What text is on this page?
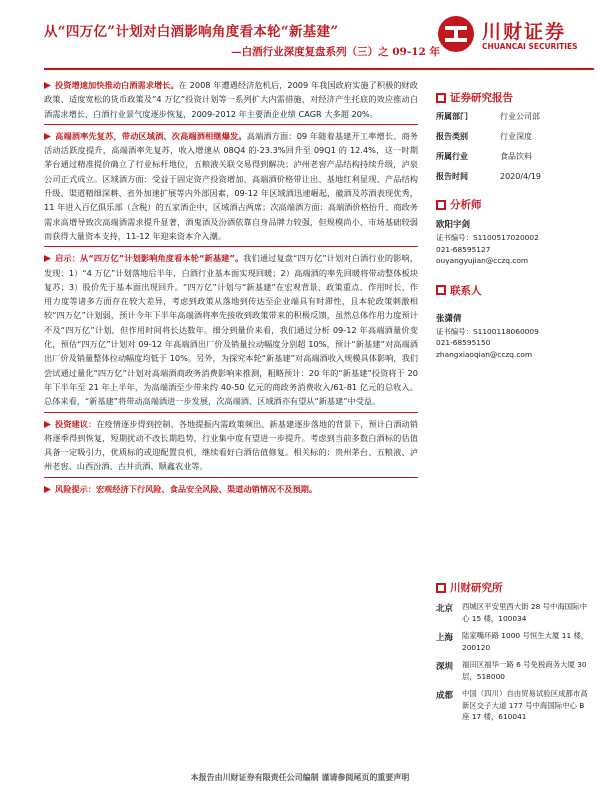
从“四万亿”计划对白酒影响角度看本轮“新基建”
—白酒行业深度复盘系列（三）之 09-12 年
川财证券
CHUANCAI SECURITIES

投资增速加快推动白酒需求增长。在 2008 年遭遇经济危机后，2009 年我国政府实施了积极的财政政策、适度宽松的货币政策及“4 万亿”投资计划等一系列扩大内需措施，对经济产生托底的效应推动白酒需求增长，白酒行业景气度逐步恢复，2009-2012 年主要酒企业绩 CAGR 大多超 20%。

高端酒率先复苏，带动区域酒、次高端酒相继爆发。高端酒方面：09 年随着基建开工率增长、商务活动活跃度提升，高端酒率先复苏，收入增速从 08Q4 的-23.3%回升至 09Q1 的 12.4%，这一时期茅台通过精准提价确立了行业标杆地位，五粮液关联交易得到解决；泸州老窖产品结构持续升级，泸泉公司正式成立。区域酒方面：受益于固定资产投资增加、高端酒价格带让出、基地红利显现、产品结构升级、渠道精细深耕、省外加速扩展等内外部因素，09-12 年区域酒迅速崛起，徽酒及苏酒表现优秀，11 年进入百亿俱乐部（含税）的五家酒企中，区域酒占两席；次高端酒方面：高端酒价格抬升、商政务需求高增导致次高端酒需求提升显著，酒鬼酒及汾酒依靠自身品牌力较强，但规模尚小、市场基础较弱而获得大量资本支持，11-12 年迎来资本介入潮。

启示：从“四万亿”计划影响角度看本轮“新基建”。我们通过复盘“四万亿”计划对白酒行业的影响，发现：1）“4 万亿”计划落地后半年，白酒行业基本面实现回暖；2）高端酒的率先回暖将带动整体板块复苏；3）股价先于基本面出现回升。“四万亿”计划与“新基建”在宏观背景、政策重点、作用时长、作用力度等诸多方面存在较大差异，考虑到政策从落地到传达至企业端具有时滞性，且本轮政策刺激相较“四万亿”计划弱，预计今年下半年高端酒将率先接收到政策带来的积极反馈，虽然总体作用力度预计不及“四万亿”计划，但作用时间将长达数年。细分到量价来看，我们通过分析 09-12 年高端酒量价变化，预估“四万亿”计划对 09-12 年高端酒出厂价及销量拉动幅度分别超 10%，预计“新基建”对高端酒出厂价及销量整体拉动幅度均低于 10%。另外，为探究本轮“新基建”对高端酒收入规模具体影响，我们尝试通过量化“四万亿”计划对高端酒商政务消费影响来推测，粗略预计：20 年的“新基建”投资将于 20 年下半年至 21 年上半年，为高端酒至少带来约 40-50 亿元的商政务消费收入/61-81 亿元的总收入。总体来看，“新基建”将带动高端酒进一步发展，次高端酒、区域酒亦有望从“新基建”中受益。

投资建议：在疫情逐步得到控制、各地提振内需政策频出、新基建逐步落地的背景下，预计白酒动销将逐季得到恢复，短期扰动不改长期趋势，行业集中度有望进一步提升。考虑到当前多数白酒标的估值具备一定吸引力，优质标的或迎配置良机，继续看好白酒估值修复。相关标的：贵州茅台、五粮液、泸州老窖、山西汾酒、古井贡酒、顺鑫农业等。

风险提示：宏观经济下行风险、食品安全风险、渠道动销情况不及预期。

证券研究报告
所属部门	行业公司部
报告类别	行业深度
所属行业	食品饮料
报告时间	2020/4/19
分析师
欧阳宇剑
证书编号：S1100517020002
021-68595127
ouyangyujian@cczq.com
联系人
张潇倩
证书编号：S1100118060009
021-68595150
zhangxiaoqian@cczq.com
川财研究所
北京	西城区平安里西大街 28 号中海国际中心 15 楼，100034
上海	陆家嘴环路 1000 号恒生大厦 11 楼，200120
深圳	福田区福华一路 6 号免税商务大厦 30 层，518000
成都	中国（四川）自由贸易试验区成都市高新区交子大道 177 号中海国际中心 B 座 17 楼，610041
本报告由川财证券有限责任公司编制 谨请参阅尾页的重要声明
